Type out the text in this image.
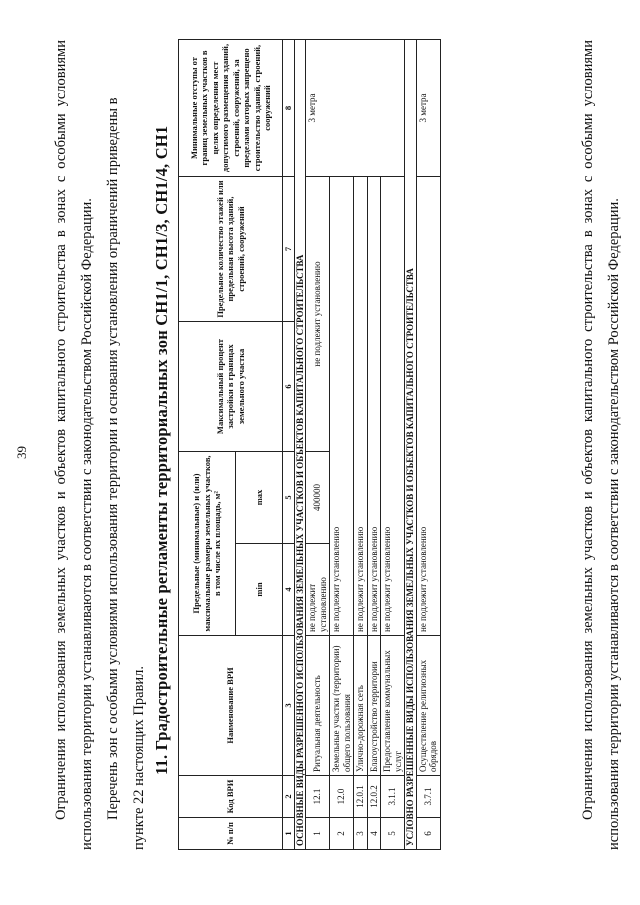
39	Ограничения использования земельных участков и объектов капитального строительства в зонах с особыми условиями использования территории устанавливаются в соответствии с законодательством Российской Федерации. Перечень зон с особыми условиями использования территории и основания установления ограничений приведены в пункте 22 настоящих Правил. 11. Градостроительные регламенты территориальных зон СН1/1, СН1/3, СН1/4, СН1
№ п/п	Код ВРИ	Наименование ВРИ	Предельные (минимальные) и (или) максимальные размеры земельных участков, в том числе их площадь, м²		Максимальный процент застройки в границах земельного участка	Предельное количество этажей или предельная высота зданий, строений, сооружений	Минимальные отступы от границ земельных участков в целях определения мест допустимого размещения зданий, строений, сооружений, за пределами которых запрещено строительство зданий, строений, сооружений
			min	max			
1	2	3	4	5	6	7	8
ОСНОВНЫЕ ВИДЫ РАЗРЕШЕННОГО ИСПОЛЬЗОВАНИЯ ЗЕМЕЛЬНЫХ УЧАСТКОВ И ОБЪЕКТОВ КАПИТАЛЬНОГО СТРОИТЕЛЬСТВА							
1	12.1	Ритуальная деятельность	не подлежит установлению	400000	не подлежит установлению		3 метра
2	12.0	Земельные участки (территории) общего пользования	не подлежит установлению				
3	12.0.1	Улично-дорожная сеть	не подлежит установлению				
4	12.0.2	Благоустройство территории	не подлежит установлению				
5	3.1.1	Предоставление коммунальных услуг	не подлежит установлению				
УСЛОВНО РАЗРЕШЕННЫЕ ВИДЫ ИСПОЛЬЗОВАНИЯ ЗЕМЕЛЬНЫХ УЧАСТКОВ И ОБЪЕКТОВ КАПИТАЛЬНОГО СТРОИТЕЛЬСТВА							
6	3.7.1	Осуществление религиозных обрядов	не подлежит установлению				3 метра
Ограничения использования земельных участков и объектов капитального строительства в зонах с особыми условиями использования территории устанавливаются в соответствии с законодательством Российской Федерации.
